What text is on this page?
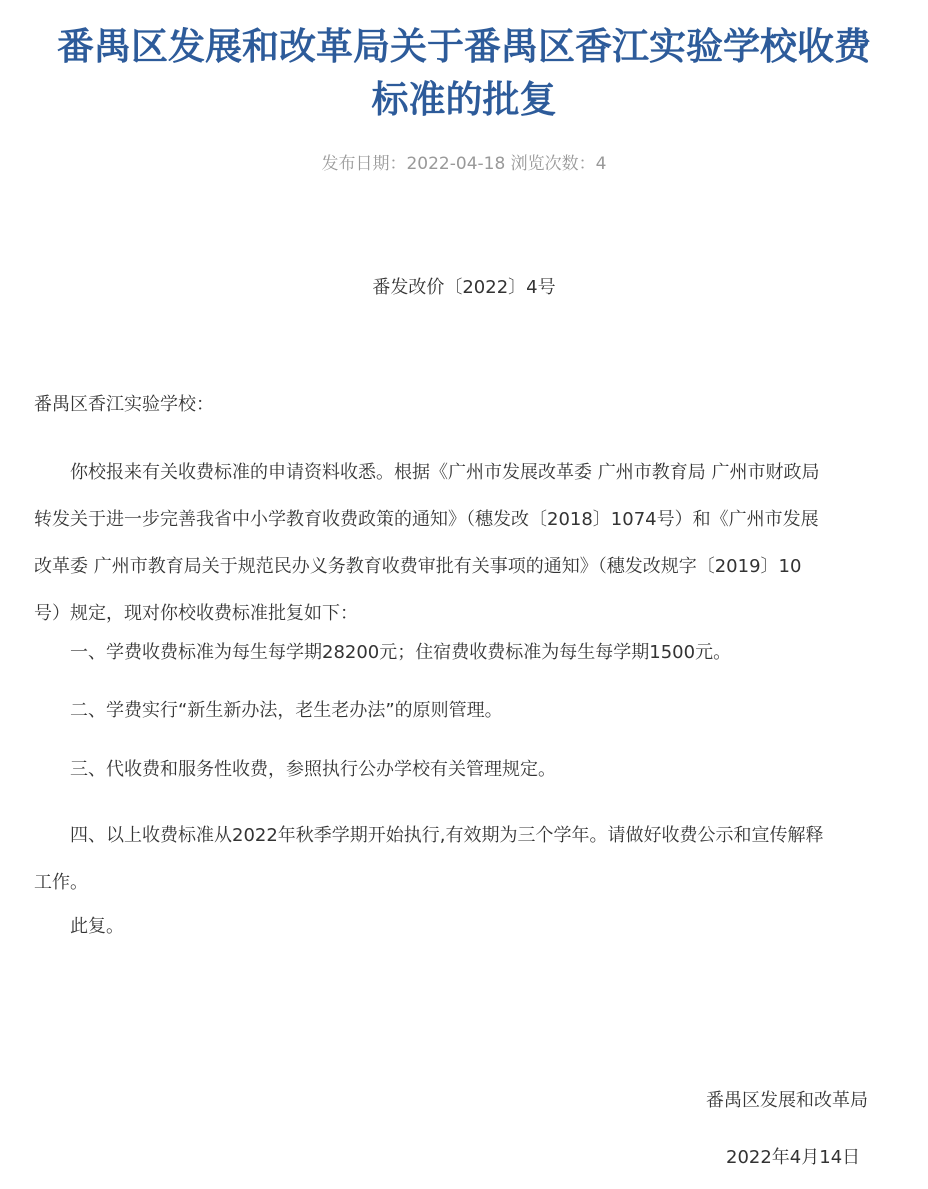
番禺区发展和改革局关于番禺区香江实验学校收费
标准的批复
发布日期：2022-04-18 浏览次数：4
番发改价〔2022〕4号

番禺区香江实验学校：

　　你校报来有关收费标准的申请资料收悉。根据《广州市发展改革委 广州市教育局 广州市财政局
转发关于进一步完善我省中小学教育收费政策的通知》（穗发改〔2018〕1074号）和《广州市发展
改革委 广州市教育局关于规范民办义务教育收费审批有关事项的通知》（穗发改规字〔2019〕10
号）规定，现对你校收费标准批复如下：

　　一、学费收费标准为每生每学期28200元；住宿费收费标准为每生每学期1500元。

　　二、学费实行“新生新办法，老生老办法”的原则管理。

　　三、代收费和服务性收费，参照执行公办学校有关管理规定。

　　四、以上收费标准从2022年秋季学期开始执行,有效期为三个学年。请做好收费公示和宣传解释
工作。

　　此复。

番禺区发展和改革局
2022年4月14日
